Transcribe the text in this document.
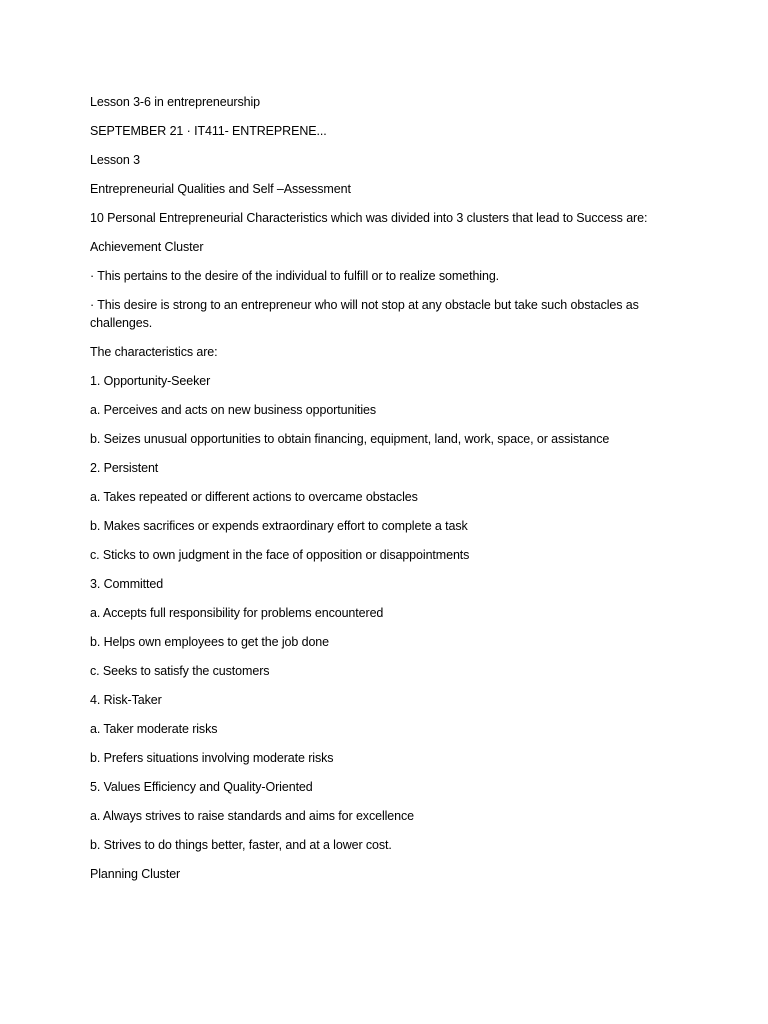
Lesson 3-6 in entrepreneurship

SEPTEMBER 21 · IT411- ENTREPRENE...

Lesson 3

Entrepreneurial Qualities and Self –Assessment

10 Personal Entrepreneurial Characteristics which was divided into 3 clusters that lead to Success are:

Achievement Cluster

· This pertains to the desire of the individual to fulfill or to realize something.

· This desire is strong to an entrepreneur who will not stop at any obstacle but take such obstacles as challenges.

The characteristics are:

1. Opportunity-Seeker

a. Perceives and acts on new business opportunities

b. Seizes unusual opportunities to obtain financing, equipment, land, work, space, or assistance

2. Persistent

a. Takes repeated or different actions to overcame obstacles

b. Makes sacrifices or expends extraordinary effort to complete a task

c. Sticks to own judgment in the face of opposition or disappointments

3. Committed

a. Accepts full responsibility for problems encountered

b. Helps own employees to get the job done

c. Seeks to satisfy the customers

4. Risk-Taker

a. Taker moderate risks

b. Prefers situations involving moderate risks

5. Values Efficiency and Quality-Oriented

a. Always strives to raise standards and aims for excellence

b. Strives to do things better, faster, and at a lower cost.

Planning Cluster
